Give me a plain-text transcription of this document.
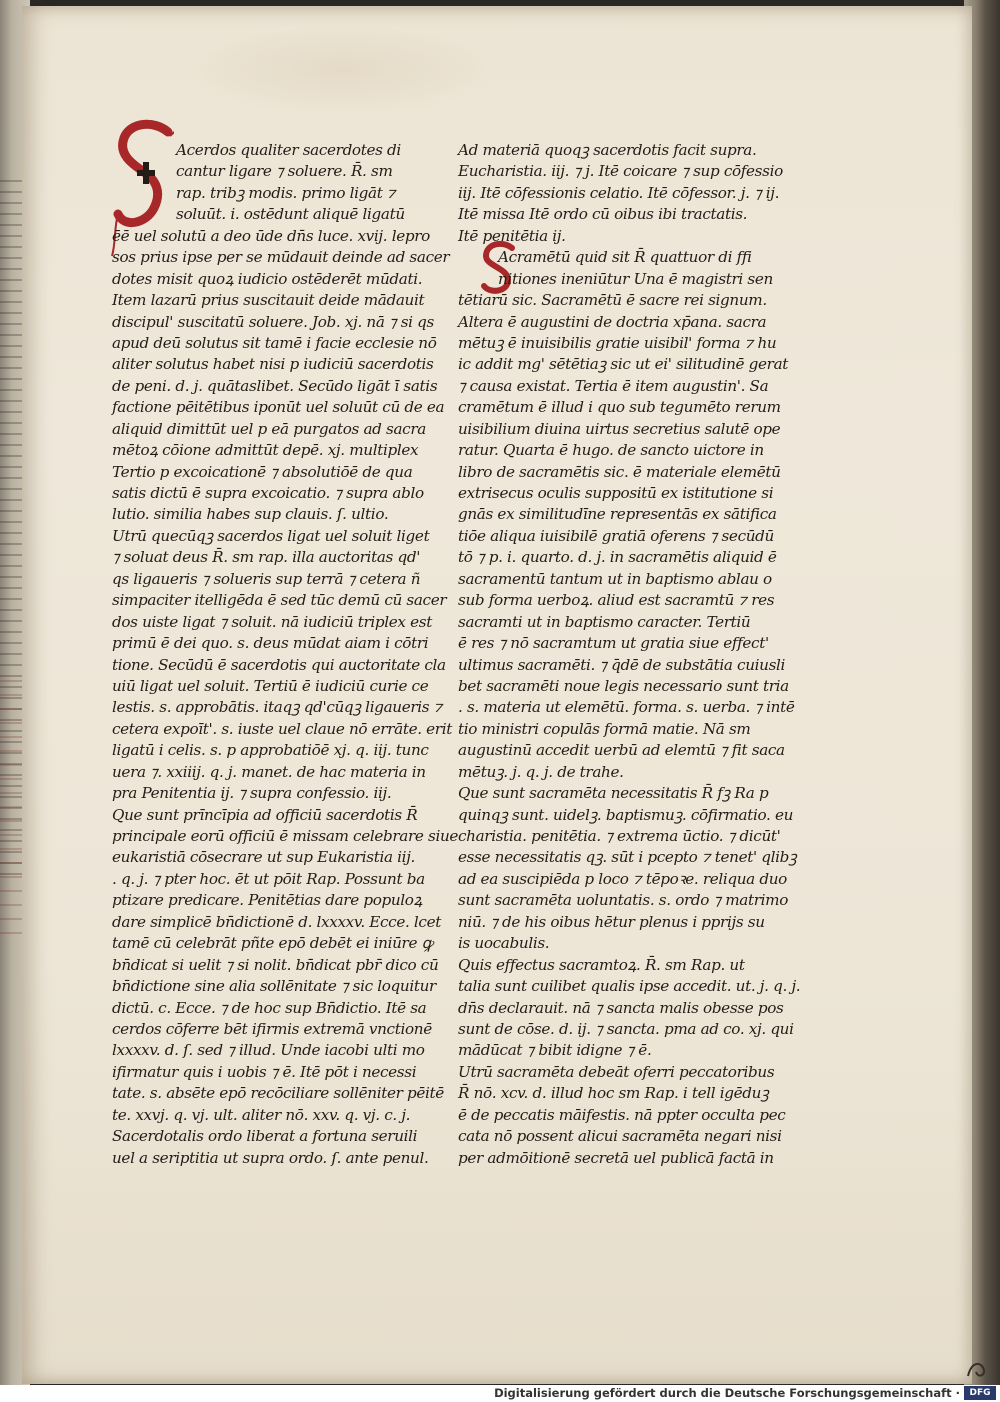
Acerdos qualiter sacerdotes di
cantur ligare ⁊ soluere. R̄. sm
rap. tribꝫ modis. primo ligāt ⁊
soluūt. i. ostēdunt aliquē ligatū
ēē uel solutū a deo ūde dn̄s luce. xvij. lepro
sos prius ipse per se mūdauit deinde ad sacer
dotes misit quoꝝ iudicio ostēderēt mūdati.
Item lazarū prius suscitauit deide mādauit
discipul' suscitatū soluere. Job. xj. nā ⁊ si qs
apud deū solutus sit tamē i facie ecclesie nō
aliter solutus habet nisi p iudiciū sacerdotis
de peni. d. j. quātaslibet. Secūdo ligāt ī satis
factione pēitētibus iponūt uel soluūt cū de ea
aliquid dimittūt uel p eā purgatos ad sacra
mētoꝝ cōione admittūt depē. xj. multiplex
Tertio p excoicationē ⁊ absolutiōē de qua
satis dictū ē supra excoicatio. ⁊ supra ablo
lutio. similia habes sup clauis. ſ. ultio.
Utrū quecūqꝫ sacerdos ligat uel soluit liget
⁊ soluat deus R̄. sm rap. illa auctoritas qd'
qs ligaueris ⁊ solueris sup terrā ⁊ cetera ñ
simpaciter itelligēda ē sed tūc demū cū sacer
dos uiste ligat ⁊ soluit. nā iudiciū triplex est
primū ē dei quo. s. deus mūdat aiam i cōtri
tione. Secūdū ē sacerdotis qui auctoritate cla
uiū ligat uel soluit. Tertiū ē iudiciū curie ce
lestis. s. approbātis. itaqꝫ qd'cūqꝫ ligaueris ⁊
cetera expoīt'. s. iuste uel claue nō errāte. erit
ligatū i celis. s. p approbatiōē xj. q. iij. tunc
uera ⁊. xxiiij. q. j. manet. de hac materia in
pra Penitentia ij. ⁊ supra confessio. iij.
Que sunt prīncīpia ad officiū sacerdotis R̄
principale eorū officiū ē missam celebrare siue
eukaristiā cōsecrare ut sup Eukaristia iij.
. q. j. ⁊ pter hoc. ēt ut pōit Rap. Possunt ba
ptizare predicare. Penitētias dare populoꝝ
dare simplicē bn̄dictionē d. lxxxxv. Ecce. lcet
tamē cū celebrāt pñte epō debēt ei iniūre ꝙ
bn̄dicat si uelit ⁊ si nolit. bn̄dicat pbr̄ dico cū
bn̄dictione sine alia sollēnitate ⁊ sic loquitur
dictū. c. Ecce. ⁊ de hoc sup Bn̄dictio. Itē sa
cerdos cōferre bēt ifirmis extremā vnctionē
lxxxxv. d. ſ. sed ⁊ illud. Unde iacobi ulti mo
ifirmatur quis i uobis ⁊ ē. Itē pōt i necessi
tate. s. absēte epō recōciliare sollēniter pēitē
te. xxvj. q. vj. ult. aliter nō. xxv. q. vj. c. j.
Sacerdotalis ordo liberat a fortuna seruili
uel a seriptitia ut supra ordo. ſ. ante penul.
Ad materiā quoqꝫ sacerdotis facit supra.
Eucharistia. iij. ⁊ j. Itē coicare ⁊ sup cōfessio
iij. Itē cōfessionis celatio. Itē cōfessor. j. ⁊ ij.
Itē missa Itē ordo cū oibus ibi tractatis.
Itē penitētia ij.
Acramētū quid sit R̄ quattuor di ffi
nitiones ineniūtur Una ē magistri sen
tētiarū sic. Sacramētū ē sacre rei signum.
Altera ē augustini de doctria xp̄ana. sacra
mētuꝫ ē inuisibilis gratie uisibil' forma ⁊ hu
ic addit mg' sētētiaꝫ sic ut ei' silitudinē gerat
⁊ causa existat. Tertia ē item augustin'. Sa
cramētum ē illud i quo sub tegumēto rerum
uisibilium diuina uirtus secretius salutē ope
ratur. Quarta ē hugo. de sancto uictore in
libro de sacramētis sic. ē materiale elemētū
extrisecus oculis suppositū ex istitutione si
gnās ex similitudīne representās ex sātifica
tiōe aliqua iuisibilē gratiā oferens ⁊ secūdū
tō ⁊ p. i. quarto. d. j. in sacramētis aliquid ē
sacramentū tantum ut in baptismo ablau o
sub forma uerboꝝ. aliud est sacramtū ⁊ res
sacramti ut in baptismo caracter. Tertiū
ē res ⁊ nō sacramtum ut gratia siue effect'
ultimus sacramēti. ⁊ q̄dē de substātia cuiusli
bet sacramēti noue legis necessario sunt tria
. s. materia ut elemētū. forma. s. uerba. ⁊ intē
tio ministri copulās formā matie. Nā sm
augustinū accedit uerbū ad elemtū ⁊ fit saca
mētuꝫ. j. q. j. de trahe.
Que sunt sacramēta necessitatis R̄ fꝫ Ra p
quinqꝫ sunt. uidelꝫ. baptismuꝫ. cōfirmatio. eu
charistia. penitētia. ⁊ extrema ūctio. ⁊ dicūt'
esse necessitatis qꝫ. sūt i pcepto ⁊ tenet' qlibꝫ
ad ea suscipiēda p loco ⁊ tēpoꝛe. reliqua duo
sunt sacramēta uoluntatis. s. ordo ⁊ matrimo
niū. ⁊ de his oibus hētur plenus i pprijs su
is uocabulis.
Quis effectus sacramtoꝝ. R̄. sm Rap. ut
talia sunt cuilibet qualis ipse accedit. ut. j. q. j.
dn̄s declarauit. nā ⁊ sancta malis obesse pos
sunt de cōse. d. ij. ⁊ sancta. pma ad co. xj. qui
mādūcat ⁊ bibit idigne ⁊ ē.
Utrū sacramēta debeāt oferri peccatoribus
R̄ nō. xcv. d. illud hoc sm Rap. i tell igēduꝫ
ē de peccatis māifestis. nā ppter occulta pec
cata nō possent alicui sacramēta negari nisi
per admōitionē secretā uel publicā factā in
Digitalisierung gefördert durch die Deutsche Forschungsgemeinschaft ·	DFG
